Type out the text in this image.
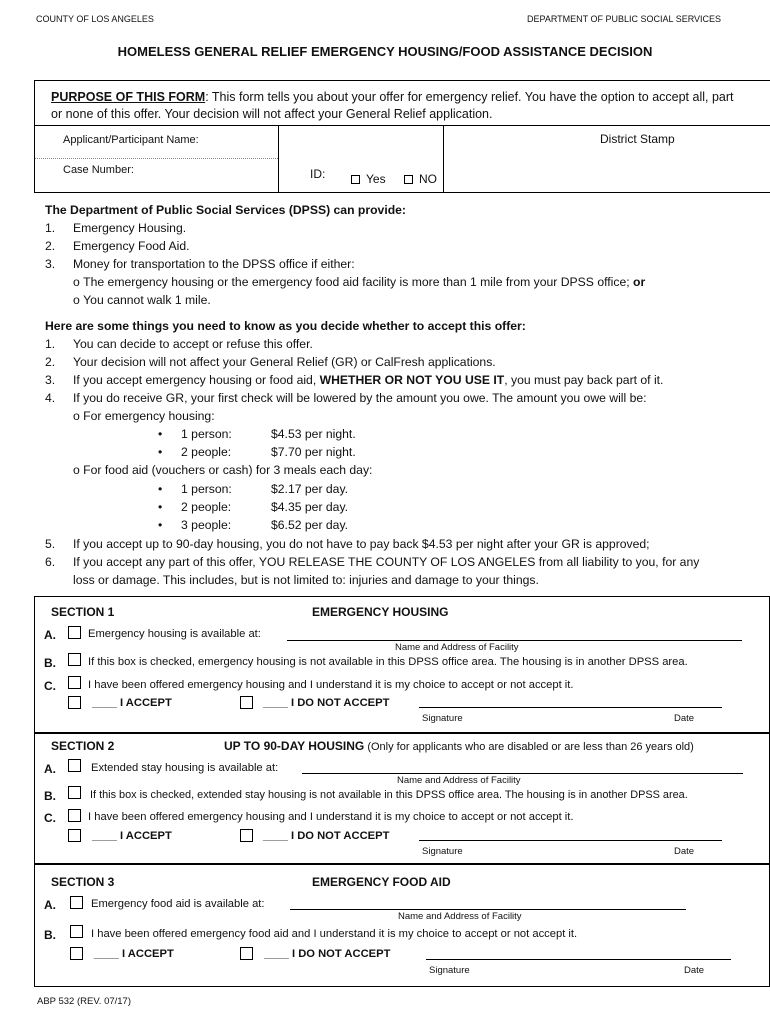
COUNTY OF LOS ANGELES	DEPARTMENT OF PUBLIC SOCIAL SERVICES
HOMELESS GENERAL RELIEF EMERGENCY HOUSING/FOOD ASSISTANCE DECISION
PURPOSE OF THIS FORM: This form tells you about your offer for emergency relief. You have the option to accept all, part
or none of this offer. Your decision will not affect your General Relief application.
Applicant/Participant Name:
Case Number:	ID:	Yes	NO
District Stamp
The Department of Public Social Services (DPSS) can provide:
1.	Emergency Housing.
2.	Emergency Food Aid.
3.	Money for transportation to the DPSS office if either:
o The emergency housing or the emergency food aid facility is more than 1 mile from your DPSS office; or
o You cannot walk 1 mile.
Here are some things you need to know as you decide whether to accept this offer:
1.	You can decide to accept or refuse this offer.
2.	Your decision will not affect your General Relief (GR) or CalFresh applications.
3.	If you accept emergency housing or food aid, WHETHER OR NOT YOU USE IT, you must pay back part of it.
4.	If you do receive GR, your first check will be lowered by the amount you owe. The amount you owe will be:
o For emergency housing:
• 1 person:	$4.53 per night.
• 2 people:	$7.70 per night.
o For food aid (vouchers or cash) for 3 meals each day:
• 1 person:	$2.17 per day.
• 2 people:	$4.35 per day.
• 3 people:	$6.52 per day.
5.	If you accept up to 90-day housing, you do not have to pay back $4.53 per night after your GR is approved;
6.	If you accept any part of this offer, YOU RELEASE THE COUNTY OF LOS ANGELES from all liability to you, for any
loss or damage. This includes, but is not limited to: injuries and damage to your things.
SECTION 1	EMERGENCY HOUSING
A.	Emergency housing is available at:
Name and Address of Facility
B.	If this box is checked, emergency housing is not available in this DPSS office area. The housing is in another DPSS area.
C.	I have been offered emergency housing and I understand it is my choice to accept or not accept it.
____ I ACCEPT	____ I DO NOT ACCEPT
Signature	Date
SECTION 2	UP TO 90-DAY HOUSING (Only for applicants who are disabled or are less than 26 years old)
A.	Extended stay housing is available at:
Name and Address of Facility
B.	If this box is checked, extended stay housing is not available in this DPSS office area. The housing is in another DPSS area.
C.	I have been offered emergency housing and I understand it is my choice to accept or not accept it.
____ I ACCEPT	____ I DO NOT ACCEPT
Signature	Date
SECTION 3	EMERGENCY FOOD AID
A.	Emergency food aid is available at:
Name and Address of Facility
B.	I have been offered emergency food aid and I understand it is my choice to accept or not accept it.
____ I ACCEPT	____ I DO NOT ACCEPT
Signature	Date
ABP 532 (REV. 07/17)
